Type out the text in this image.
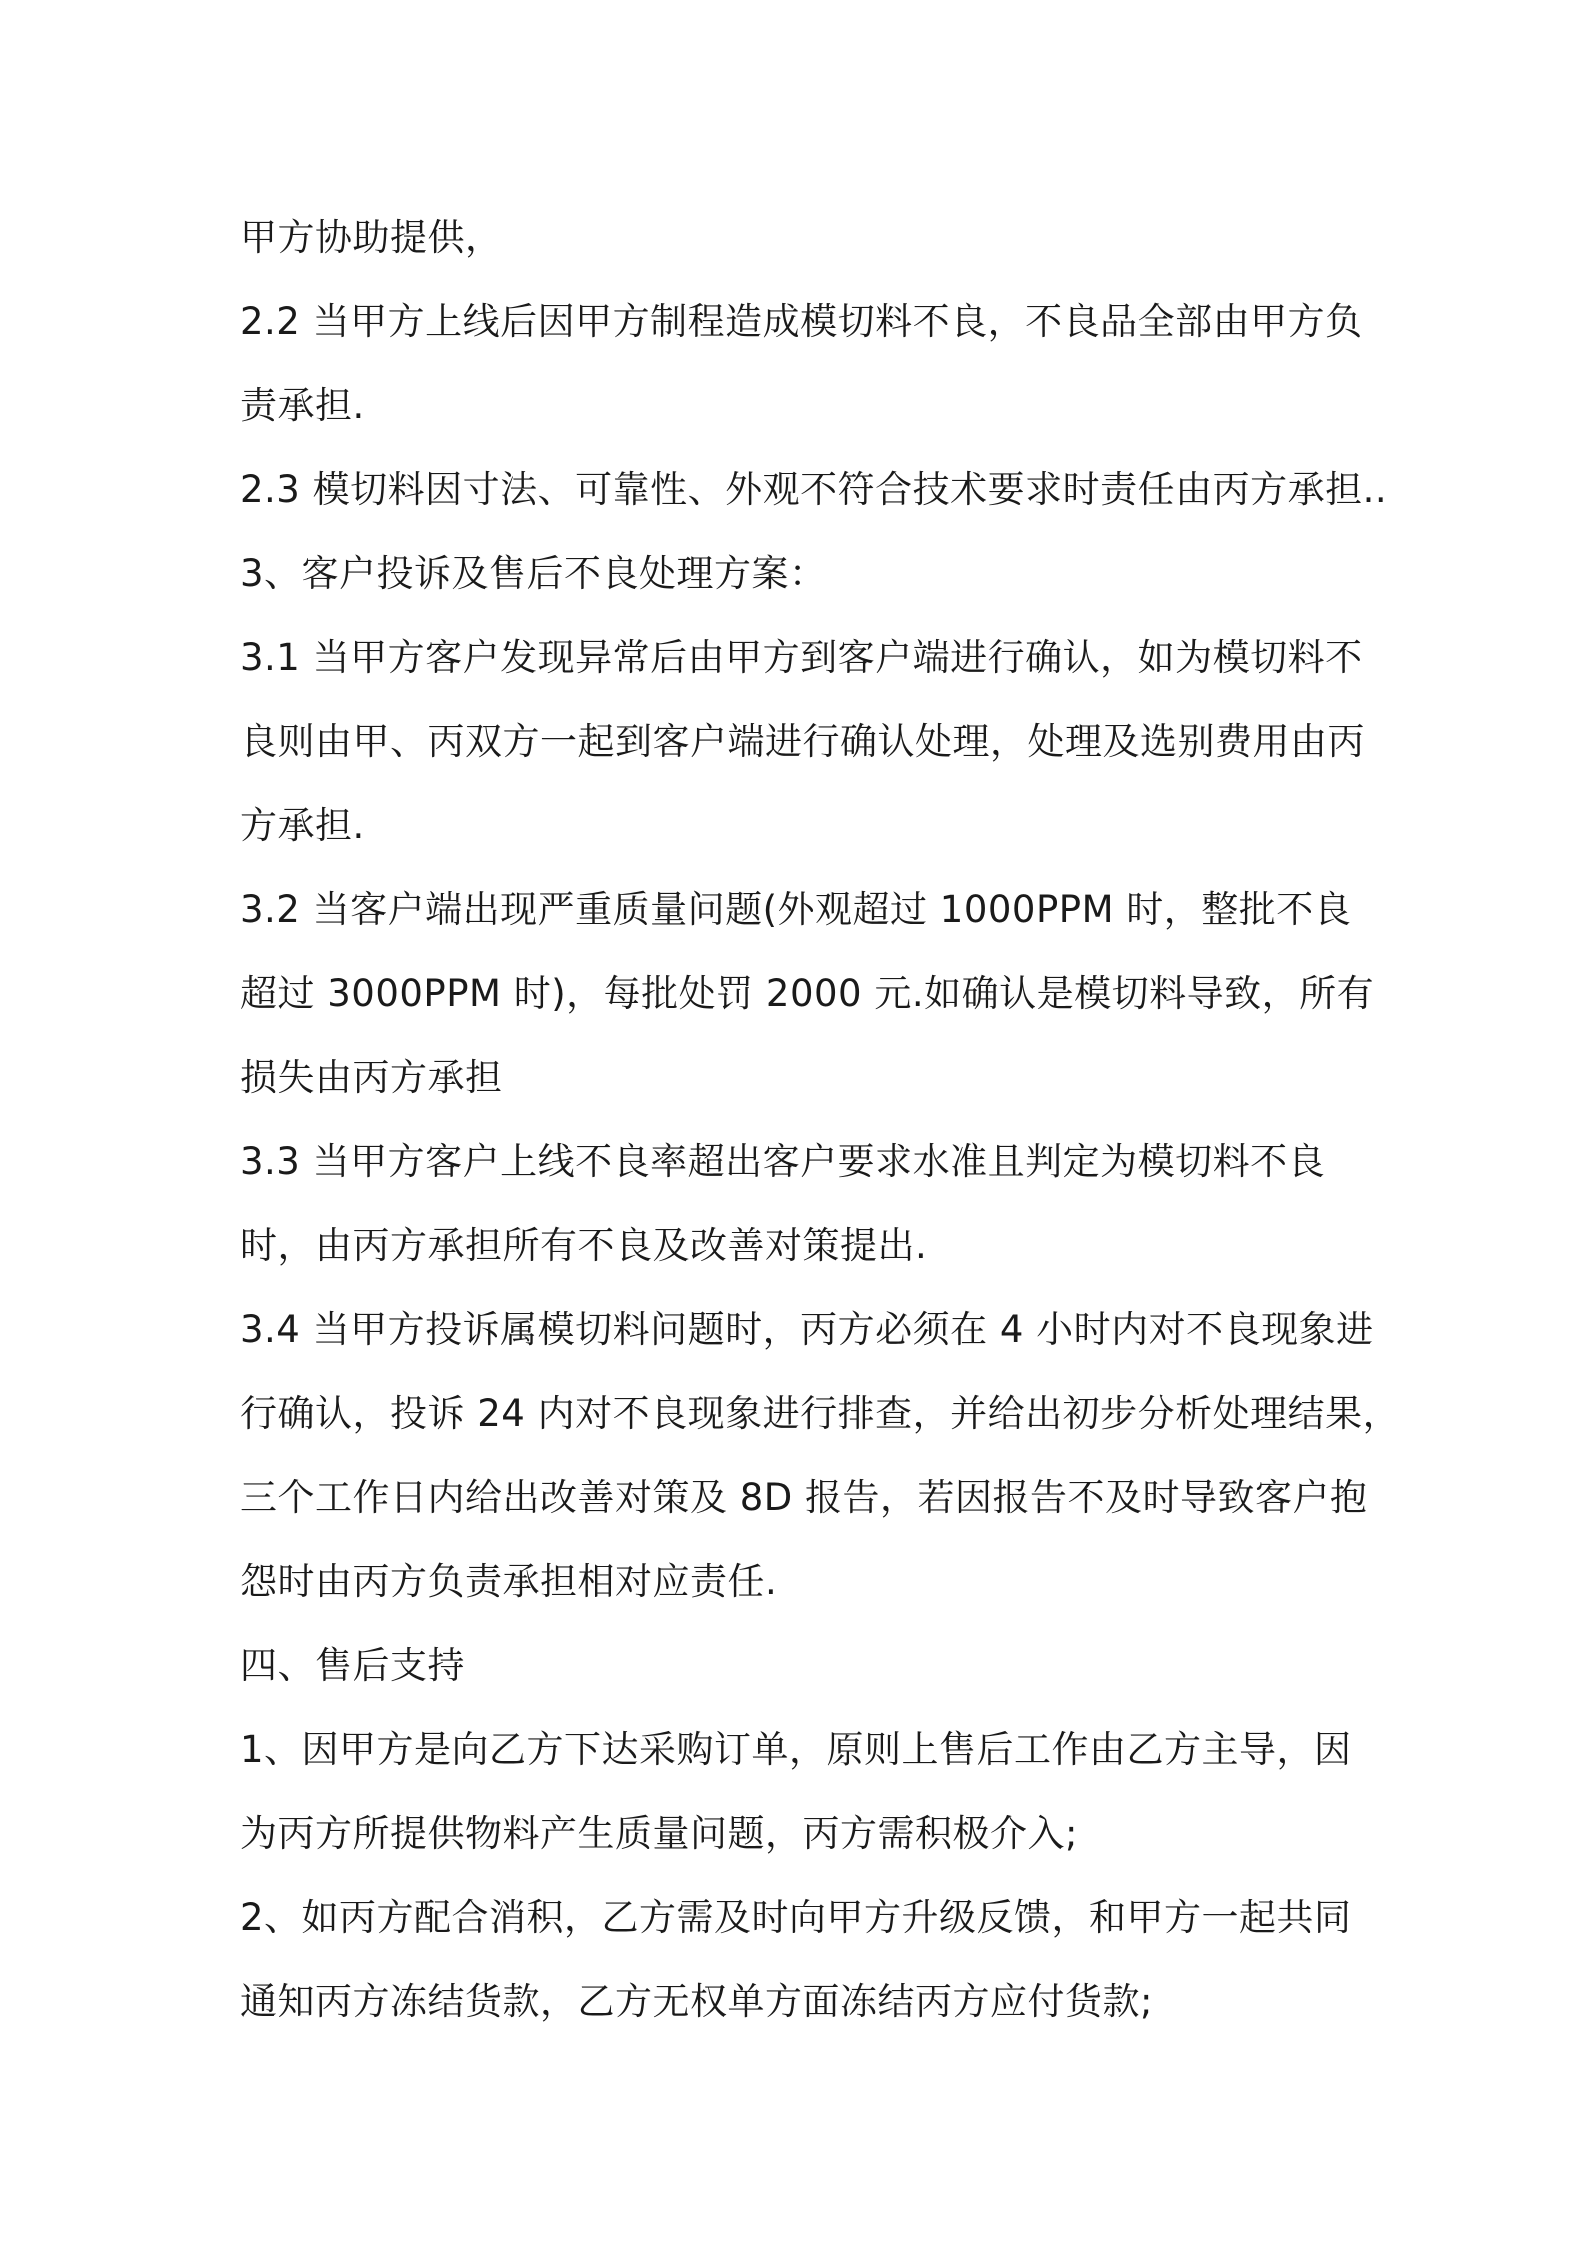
甲方协助提供，
2.2 当甲方上线后因甲方制程造成模切料不良，不良品全部由甲方负
责承担.
2.3 模切料因寸法、可靠性、外观不符合技术要求时责任由丙方承担..
3、客户投诉及售后不良处理方案：
3.1 当甲方客户发现异常后由甲方到客户端进行确认，如为模切料不
良则由甲、丙双方一起到客户端进行确认处理，处理及选别费用由丙
方承担.
3.2 当客户端出现严重质量问题(外观超过 1000PPM 时，整批不良
超过 3000PPM 时)，每批处罚 2000 元.如确认是模切料导致，所有
损失由丙方承担
3.3 当甲方客户上线不良率超出客户要求水准且判定为模切料不良
时，由丙方承担所有不良及改善对策提出.
3.4 当甲方投诉属模切料问题时，丙方必须在 4 小时内对不良现象进
行确认，投诉 24 内对不良现象进行排查，并给出初步分析处理结果，
三个工作日内给出改善对策及 8D 报告，若因报告不及时导致客户抱
怨时由丙方负责承担相对应责任.
四、售后支持
1、因甲方是向乙方下达采购订单，原则上售后工作由乙方主导，因
为丙方所提供物料产生质量问题，丙方需积极介入;
2、如丙方配合消积，乙方需及时向甲方升级反馈，和甲方一起共同
通知丙方冻结货款，乙方无权单方面冻结丙方应付货款;
